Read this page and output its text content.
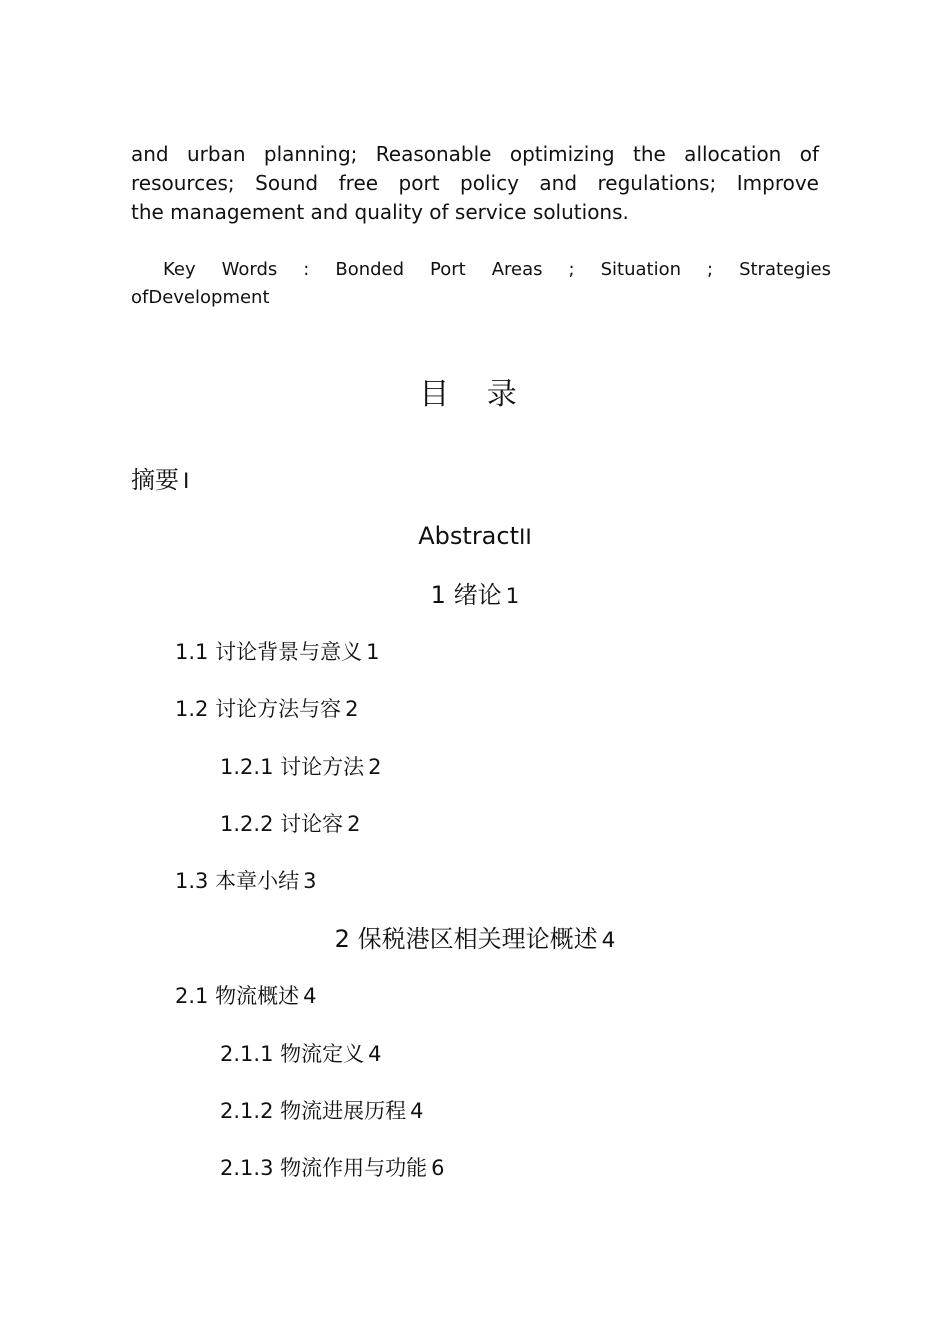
and urban planning; Reasonable optimizing the allocation of
resources; Sound free port policy and regulations; Improve
the management and quality of service solutions.
Key Words : Bonded Port Areas ; Situation ; Strategies
ofDevelopment
目 录
摘要 I
AbstractII
1 绪论 1
1.1 讨论背景与意义 1
1.2 讨论方法与容 2
1.2.1 讨论方法 2
1.2.2 讨论容 2
1.3 本章小结 3
2 保税港区相关理论概述 4
2.1 物流概述 4
2.1.1 物流定义 4
2.1.2 物流进展历程 4
2.1.3 物流作用与功能 6
